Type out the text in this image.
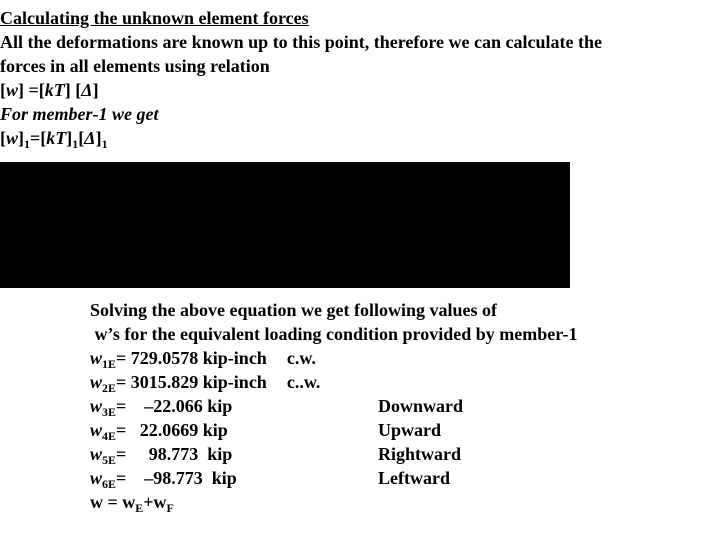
Calculating the unknown element forces
All the deformations are known up to this point, therefore we can calculate the
forces in all elements using relation
[w] =[kT] [Δ]
For member-1 we get
$[w]_1=[kT]_1[\Delta]_1$
Solving the above equation we get following values of
w’s for the equivalent loading condition provided by member-1
$w_{1E}= 729.0578$ kip-inch c.w.
$w_{2E}= 3015.829$ kip-inch c..w.
$w_{3E}=$    –22.066 kip	Downward
$w_{4E}= 22.0669$ kip	Upward
$w_{5E}=$     98.773  kip	Rightward
$w_{6E}=$    –98.773  kip	Leftward
$w = w_E+w_F$
